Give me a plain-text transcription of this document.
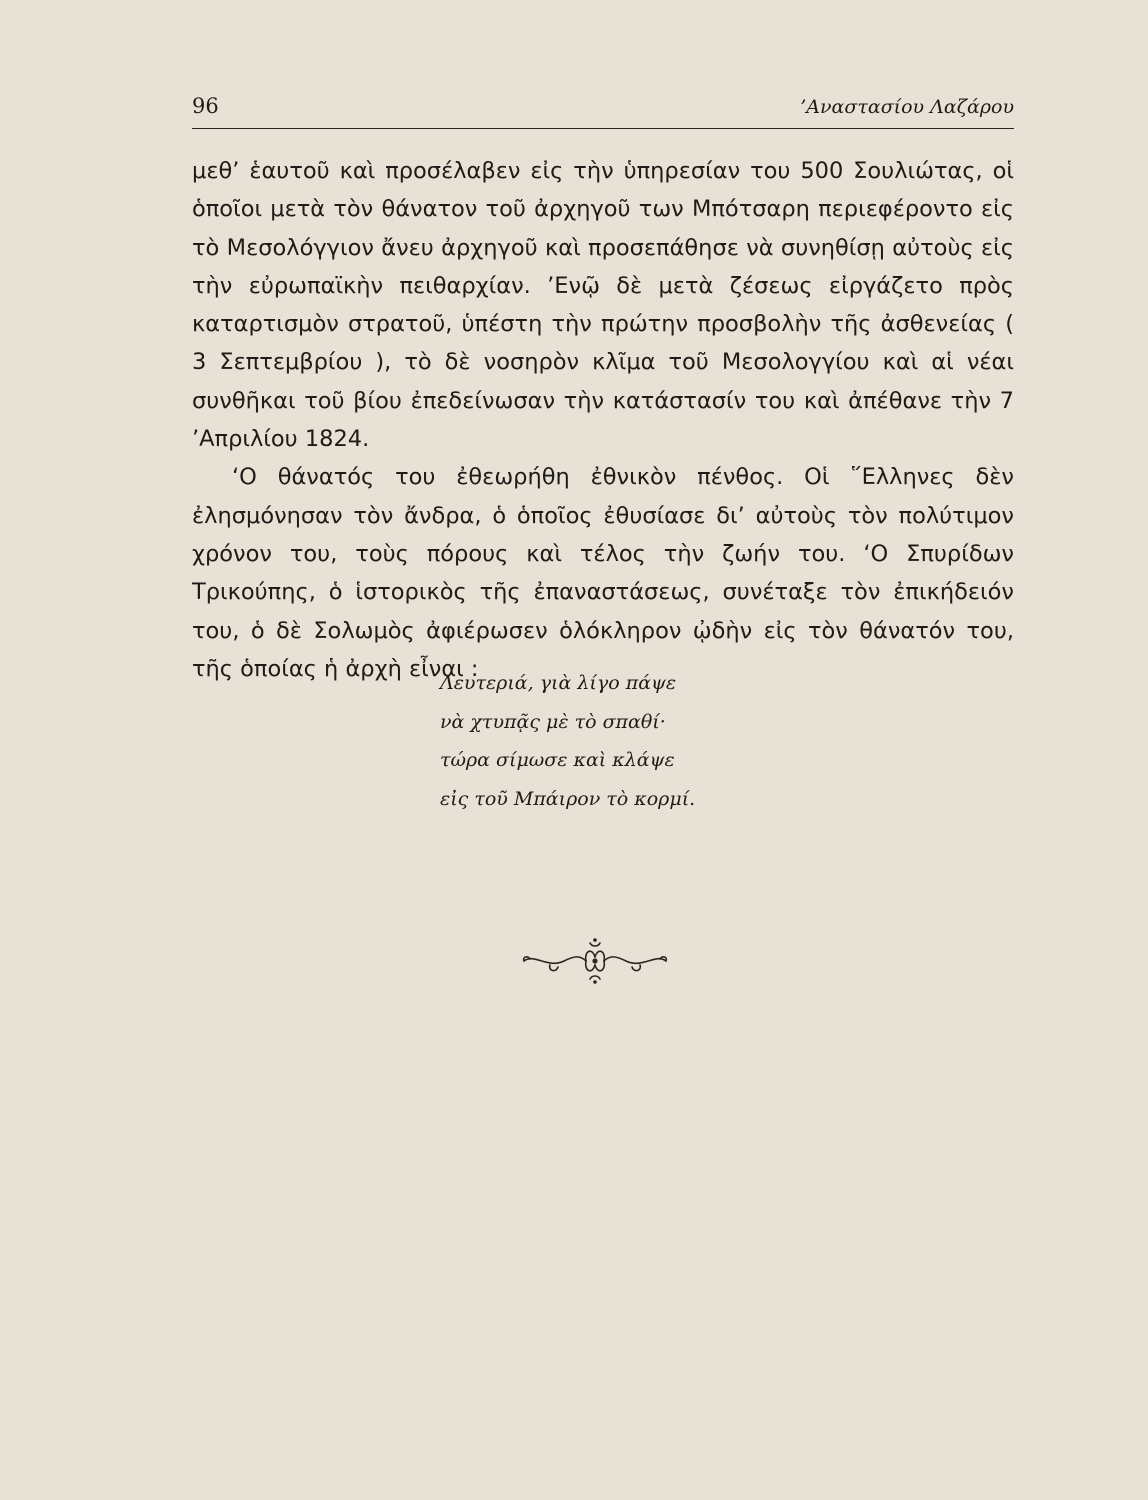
96	’Αναστασίου Λαζάρου

μεθ’ ἑαυτοῦ καὶ προσέλαβεν εἰς τὴν ὑπηρεσίαν του 500 Σουλιώτας, οἱ ὁποῖοι μετὰ τὸν θάνατον τοῦ ἀρχηγοῦ των Μπότσαρη περιεφέροντο εἰς τὸ Μεσολόγγιον ἄνευ ἀρχηγοῦ καὶ προσεπάθησε νὰ συνηθίσῃ αὐτοὺς εἰς τὴν εὐρωπαϊκὴν πειθαρχίαν. ’Ενῷ δὲ μετὰ ζέσεως εἰργάζετο πρὸς καταρτισμὸν στρατοῦ, ὑπέστη τὴν πρώτην προσβολὴν τῆς ἀσθενείας ( 3 Σεπτεμβρίου ), τὸ δὲ νοσηρὸν κλῖμα τοῦ Μεσολογγίου καὶ αἱ νέαι συνθῆκαι τοῦ βίου ἐπεδείνωσαν τὴν κατάστασίν του καὶ ἀπέθανε τὴν 7 ’Απριλίου 1824.

‘Ο θάνατός του ἐθεωρήθη ἐθνικὸν πένθος. Οἱ ῞Ελληνες δὲν ἐλησμόνησαν τὸν ἄνδρα, ὁ ὁποῖος ἐθυσίασε δι’ αὐτοὺς τὸν πολύτιμον χρόνον του, τοὺς πόρους καὶ τέλος τὴν ζωήν του. ‘Ο Σπυρίδων Τρικούπης, ὁ ἱστορικὸς τῆς ἐπαναστάσεως, συνέταξε τὸν ἐπικήδειόν του, ὁ δὲ Σολωμὸς ἀφιέρωσεν ὁλόκληρον ᾠδὴν εἰς τὸν θάνατόν του, τῆς ὁποίας ἡ ἀρχὴ εἶναι :

Λευτεριά, γιὰ λίγο πάψε
νὰ χτυπᾷς μὲ τὸ σπαθί·
τώρα σίμωσε καὶ κλάψε
εἰς τοῦ Μπάιρον τὸ κορμί.
